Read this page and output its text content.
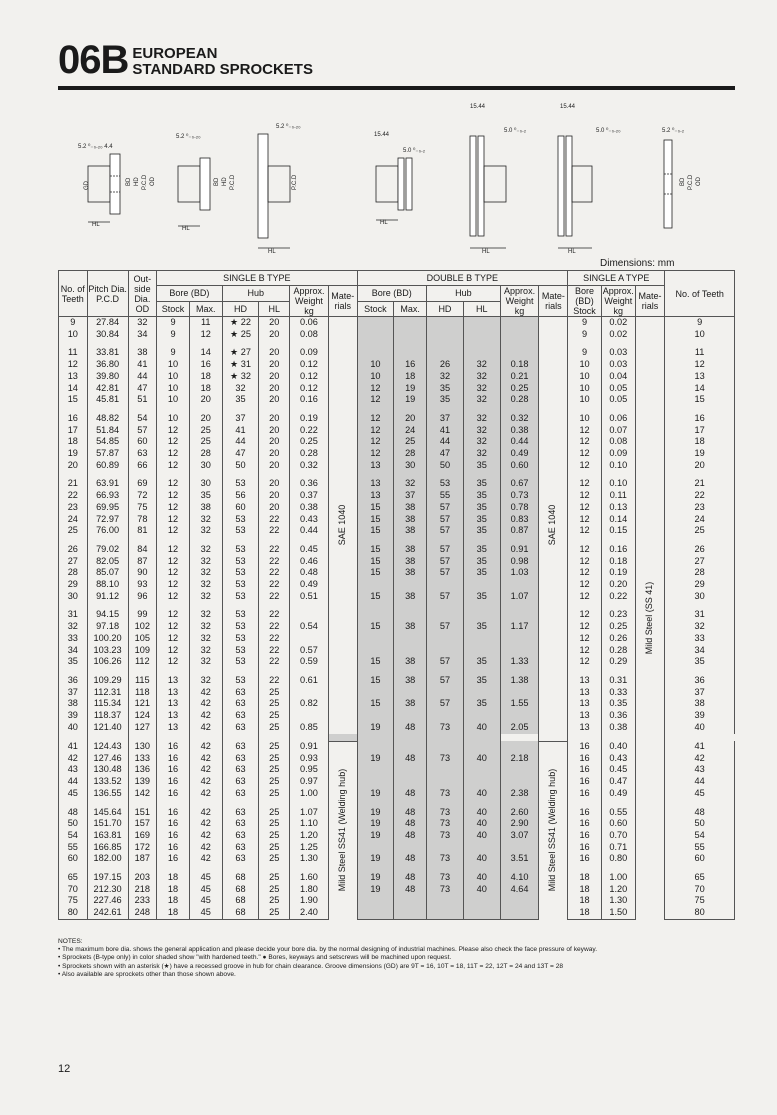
06B EUROPEAN
STANDARD SPROCKETS
HL
5.2 ⁰₋₀.₂₀ 4.4
BD HD P.C.D OD
GD
HL
5.2 ⁰₋₀.₂₀
BD HD P.C.D
HL
5.2 ⁰₋₀.₂₀
P.C.D
HL
15.44
5.0 ⁰₋₀.₂
HL
15.44
5.0 ⁰₋₀.₂
HL
15.44
5.0 ⁰₋₀.₂₀	5.2 ⁰₋₀.₂
BD P.C.D OD
Dimensions: mm
No. of Teeth	Pitch Dia. P.C.D	Out- side Dia. OD	SINGLE B TYPE						DOUBLE B TYPE						SINGLE A TYPE			No. of Teeth
			Bore (BD)		Hub		Approx. Weight kg	Mate- rials	Bore (BD)		Hub		Approx. Weight kg	Mate- rials	Bore (BD) Stock	Approx. Weight kg	Mate- rials	
			Stock	Max.	HD	HL			Stock	Max.	HD	HL						
9	27.84	32	9	11	★ 22	20	0.06	SAE 1040						SAE 1040	9	0.02	Mild Steel (SS 41)	9
10	30.84	34	9	12	★ 25	20	0.08								9	0.02		10

11	33.81	38	9	14	★ 27	20	0.09								9	0.03		11
12	36.80	41	10	16	★ 31	20	0.12		10	16	26	32	0.18		10	0.03		12
13	39.80	44	10	18	★ 32	20	0.12		10	18	32	32	0.21		10	0.04		13
14	42.81	47	10	18	32	20	0.12		12	19	35	32	0.25		10	0.05		14
15	45.81	51	10	20	35	20	0.16		12	19	35	32	0.28		10	0.05		15

16	48.82	54	10	20	37	20	0.19		12	20	37	32	0.32		10	0.06		16
17	51.84	57	12	25	41	20	0.22		12	24	41	32	0.38		12	0.07		17
18	54.85	60	12	25	44	20	0.25		12	25	44	32	0.44		12	0.08		18
19	57.87	63	12	28	47	20	0.28		12	28	47	32	0.49		12	0.09		19
20	60.89	66	12	30	50	20	0.32		13	30	50	35	0.60		12	0.10		20

21	63.91	69	12	30	53	20	0.36		13	32	53	35	0.67		12	0.10		21
22	66.93	72	12	35	56	20	0.37		13	37	55	35	0.73		12	0.11		22
23	69.95	75	12	38	60	20	0.38		15	38	57	35	0.78		12	0.13		23
24	72.97	78	12	32	53	22	0.43		15	38	57	35	0.83		12	0.14		24
25	76.00	81	12	32	53	22	0.44		15	38	57	35	0.87		12	0.15		25

26	79.02	84	12	32	53	22	0.45		15	38	57	35	0.91		12	0.16		26
27	82.05	87	12	32	53	22	0.46		15	38	57	35	0.98		12	0.18		27
28	85.07	90	12	32	53	22	0.48		15	38	57	35	1.03		12	0.19		28
29	88.10	93	12	32	53	22	0.49								12	0.20		29
30	91.12	96	12	32	53	22	0.51		15	38	57	35	1.07		12	0.22		30

31	94.15	99	12	32	53	22									12	0.23		31
32	97.18	102	12	32	53	22	0.54		15	38	57	35	1.17		12	0.25		32
33	100.20	105	12	32	53	22									12	0.26		33
34	103.23	109	12	32	53	22	0.57								12	0.28		34
35	106.26	112	12	32	53	22	0.59		15	38	57	35	1.33		12	0.29		35

36	109.29	115	13	32	53	22	0.61		15	38	57	35	1.38		13	0.31		36
37	112.31	118	13	42	63	25									13	0.33		37
38	115.34	121	13	42	63	25	0.82		15	38	57	35	1.55		13	0.35		38
39	118.37	124	13	42	63	25									13	0.36		39
40	121.40	127	13	42	63	25	0.85		19	48	73	40	2.05		13	0.38		40

41	124.43	130	16	42	63	25	0.91	Mild Steel SS41 (Welding hub)						Mild Steel SS41 (Welding hub)	16	0.40		41
42	127.46	133	16	42	63	25	0.93		19	48	73	40	2.18		16	0.43		42
43	130.48	136	16	42	63	25	0.95								16	0.45		43
44	133.52	139	16	42	63	25	0.97								16	0.47		44
45	136.55	142	16	42	63	25	1.00		19	48	73	40	2.38		16	0.49		45

48	145.64	151	16	42	63	25	1.07		19	48	73	40	2.60		16	0.55		48
50	151.70	157	16	42	63	25	1.10		19	48	73	40	2.90		16	0.60		50
54	163.81	169	16	42	63	25	1.20		19	48	73	40	3.07		16	0.70		54
55	166.85	172	16	42	63	25	1.25								16	0.71		55
60	182.00	187	16	42	63	25	1.30		19	48	73	40	3.51		16	0.80		60

65	197.15	203	18	45	68	25	1.60		19	48	73	40	4.10		18	1.00		65
70	212.30	218	18	45	68	25	1.80		19	48	73	40	4.64		18	1.20		70
75	227.46	233	18	45	68	25	1.90								18	1.30		75
80	242.61	248	18	45	68	25	2.40								18	1.50		80
NOTES:
• The maximum bore dia. shows the general application and please decide your bore dia. by the normal designing of industrial machines. Please also check the face pressure of keyway.
• Sprockets (B-type only) in color shaded show "with hardened teeth." ● Bores, keyways and setscrews will be machined upon request.
• Sprockets shown with an asterisk (★) have a recessed groove in hub for chain clearance. Groove dimensions (GD) are 9T = 16, 10T = 18, 11T = 22, 12T = 24 and 13T = 28
• Also available are sprockets other than those shown above.
12
